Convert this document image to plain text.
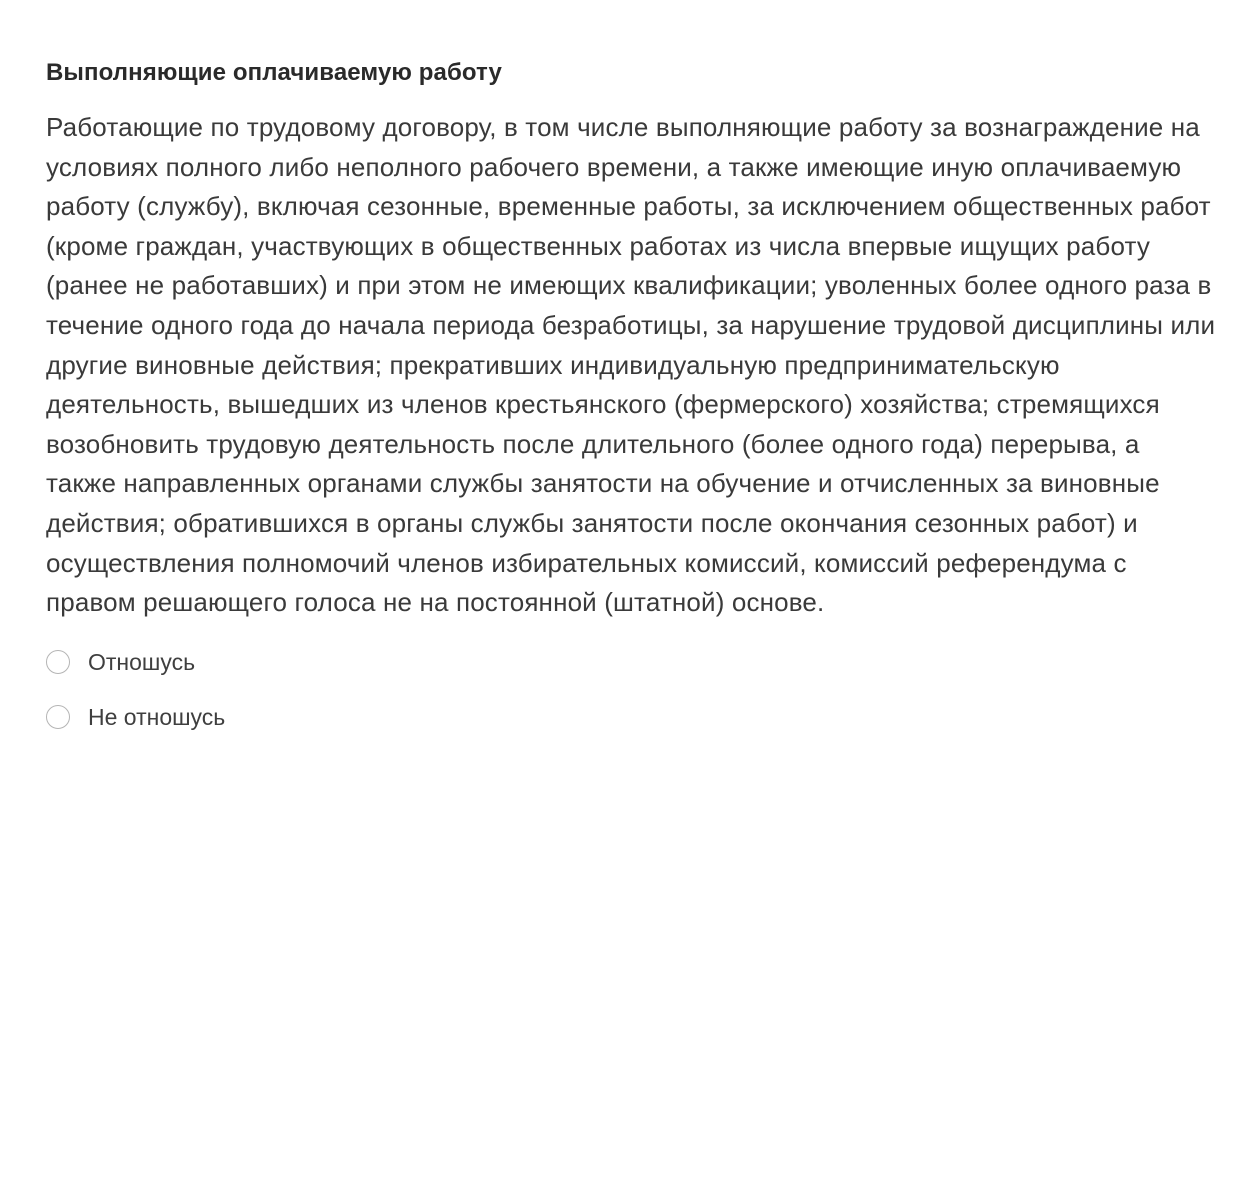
Выполняющие оплачиваемую работу

Работающие по трудовому договору, в том числе выполняющие работу за вознаграждение на условиях полного либо неполного рабочего времени, а также имеющие иную оплачиваемую работу (службу), включая сезонные, временные работы, за исключением общественных работ (кроме граждан, участвующих в общественных работах из числа впервые ищущих работу (ранее не работавших) и при этом не имеющих квалификации; уволенных более одного раза в течение одного года до начала периода безработицы, за нарушение трудовой дисциплины или другие виновные действия; прекративших индивидуальную предпринимательскую деятельность, вышедших из членов крестьянского (фермерского) хозяйства; стремящихся возобновить трудовую деятельность после длительного (более одного года) перерыва, а также направленных органами службы занятости на обучение и отчисленных за виновные действия; обратившихся в органы службы занятости после окончания сезонных работ) и осуществления полномочий членов избирательных комиссий, комиссий референдума с правом решающего голоса не на постоянной (штатной) основе.

Отношусь
Не отношусь
